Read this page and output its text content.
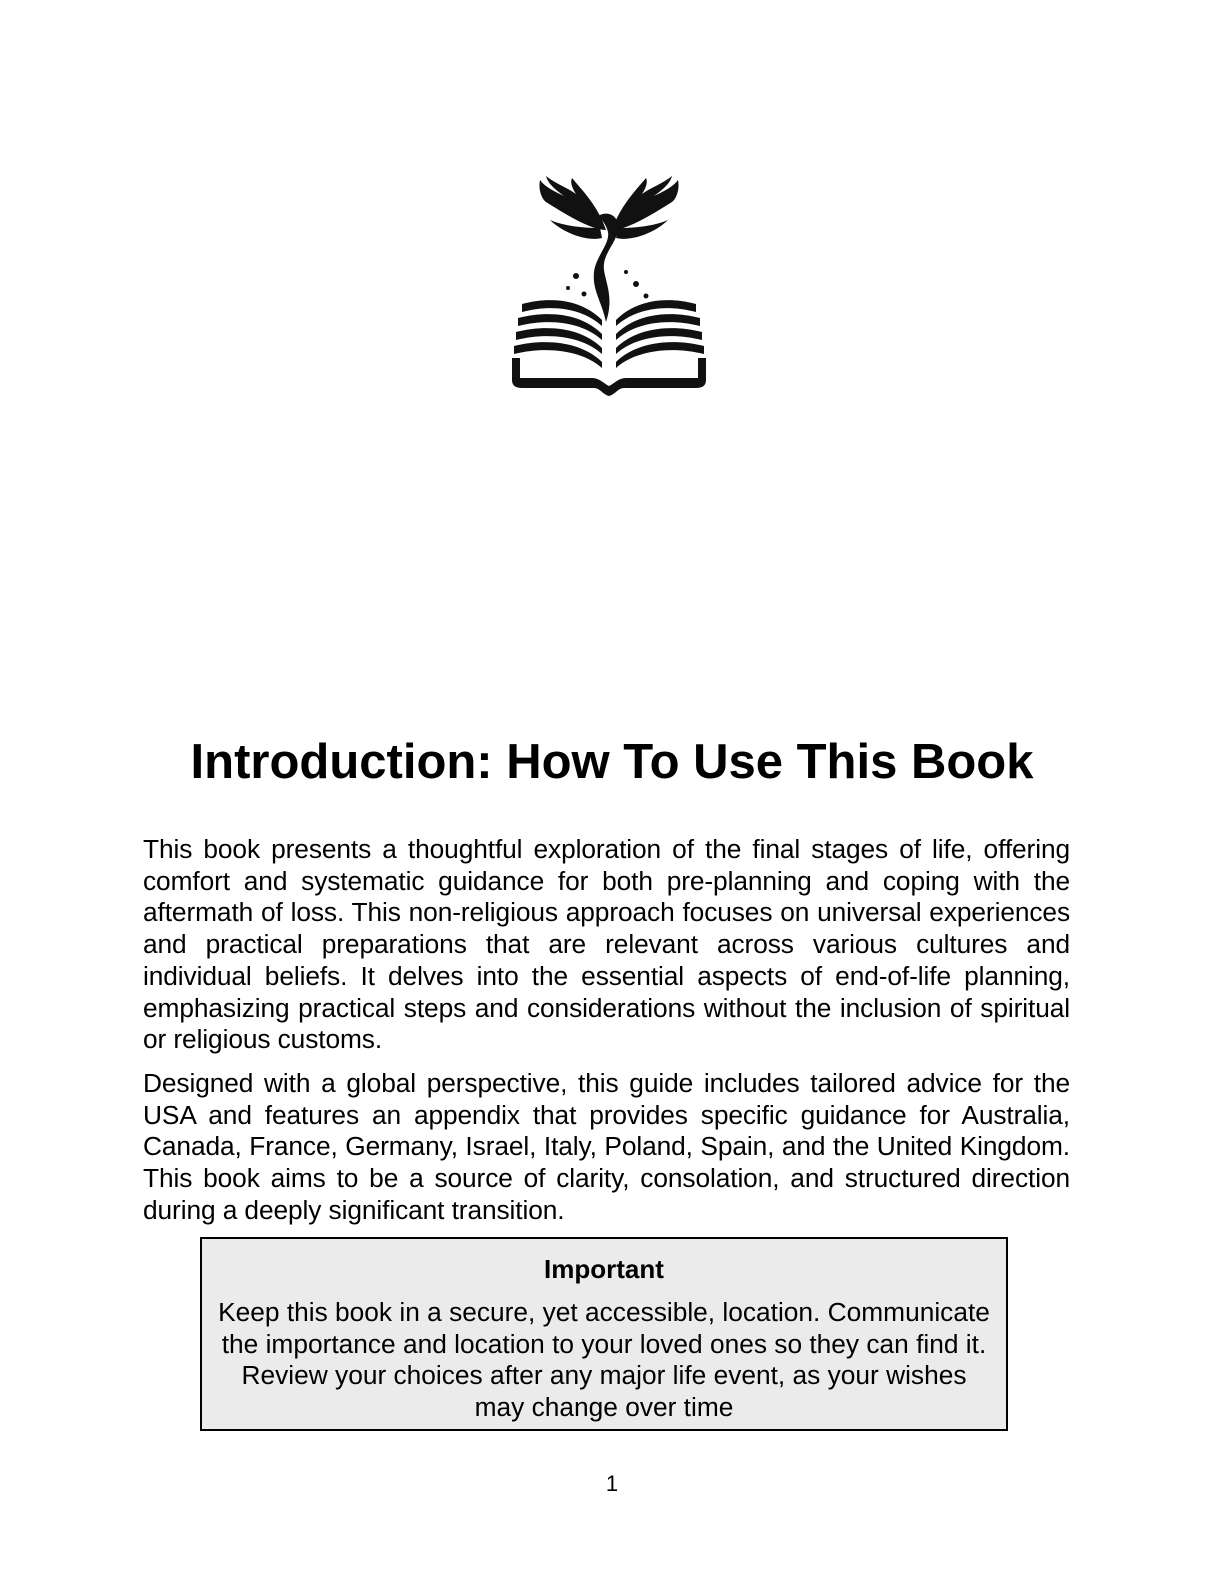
Introduction: How To Use This Book

This book presents a thoughtful exploration of the final stages of life, offering comfort and systematic guidance for both pre-planning and coping with the aftermath of loss. This non-religious approach focuses on universal experiences and practical preparations that are relevant across various cultures and individual beliefs. It delves into the essential aspects of end-of-life planning, emphasizing practical steps and considerations without the inclusion of spiritual or religious customs.

Designed with a global perspective, this guide includes tailored advice for the USA and features an appendix that provides specific guidance for Australia, Canada, France, Germany, Israel, Italy, Poland, Spain, and the United Kingdom. This book aims to be a source of clarity, consolation, and structured direction during a deeply significant transition.

Important
Keep this book in a secure, yet accessible, location. Communicate the importance and location to your loved ones so they can find it. Review your choices after any major life event, as your wishes may change over time
1
